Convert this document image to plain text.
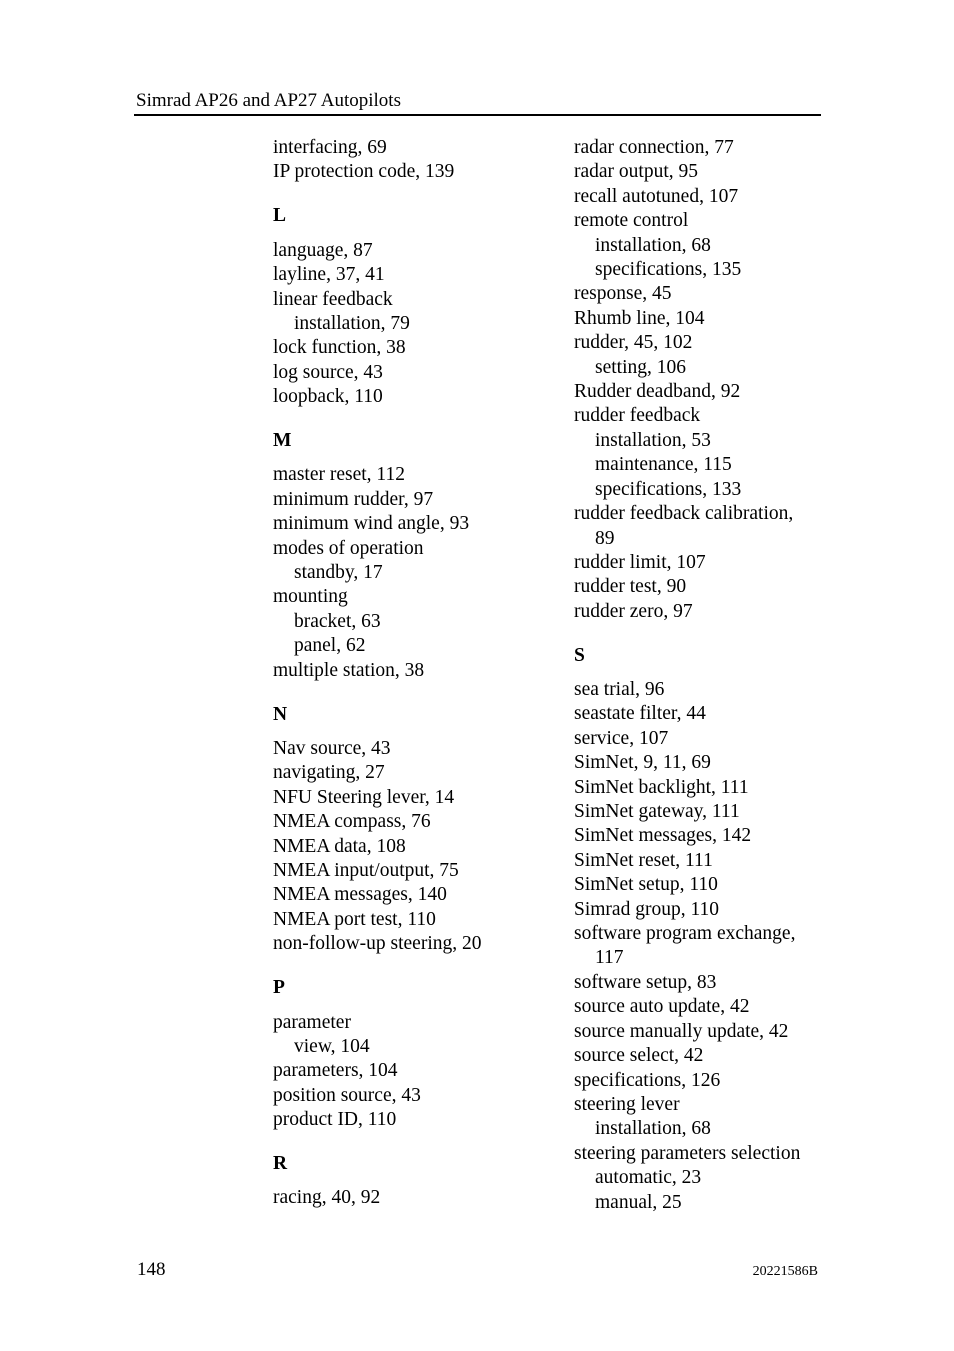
Simrad AP26 and AP27 Autopilots
interfacing, 69
IP protection code, 139
L
language, 87
layline, 37, 41
linear feedback
installation, 79
lock function, 38
log source, 43
loopback, 110
M
master reset, 112
minimum rudder, 97
minimum wind angle, 93
modes of operation
standby, 17
mounting
bracket, 63
panel, 62
multiple station, 38
N
Nav source, 43
navigating, 27
NFU Steering lever, 14
NMEA compass, 76
NMEA data, 108
NMEA input/output, 75
NMEA messages, 140
NMEA port test, 110
non-follow-up steering, 20
P
parameter
view, 104
parameters, 104
position source, 43
product ID, 110
R
racing, 40, 92
radar connection, 77
radar output, 95
recall autotuned, 107
remote control
installation, 68
specifications, 135
response, 45
Rhumb line, 104
rudder, 45, 102
setting, 106
Rudder deadband, 92
rudder feedback
installation, 53
maintenance, 115
specifications, 133
rudder feedback calibration,
89
rudder limit, 107
rudder test, 90
rudder zero, 97
S
sea trial, 96
seastate filter, 44
service, 107
SimNet, 9, 11, 69
SimNet backlight, 111
SimNet gateway, 111
SimNet messages, 142
SimNet reset, 111
SimNet setup, 110
Simrad group, 110
software program exchange,
117
software setup, 83
source auto update, 42
source manually update, 42
source select, 42
specifications, 126
steering lever
installation, 68
steering parameters selection
automatic, 23
manual, 25
148	20221586B
